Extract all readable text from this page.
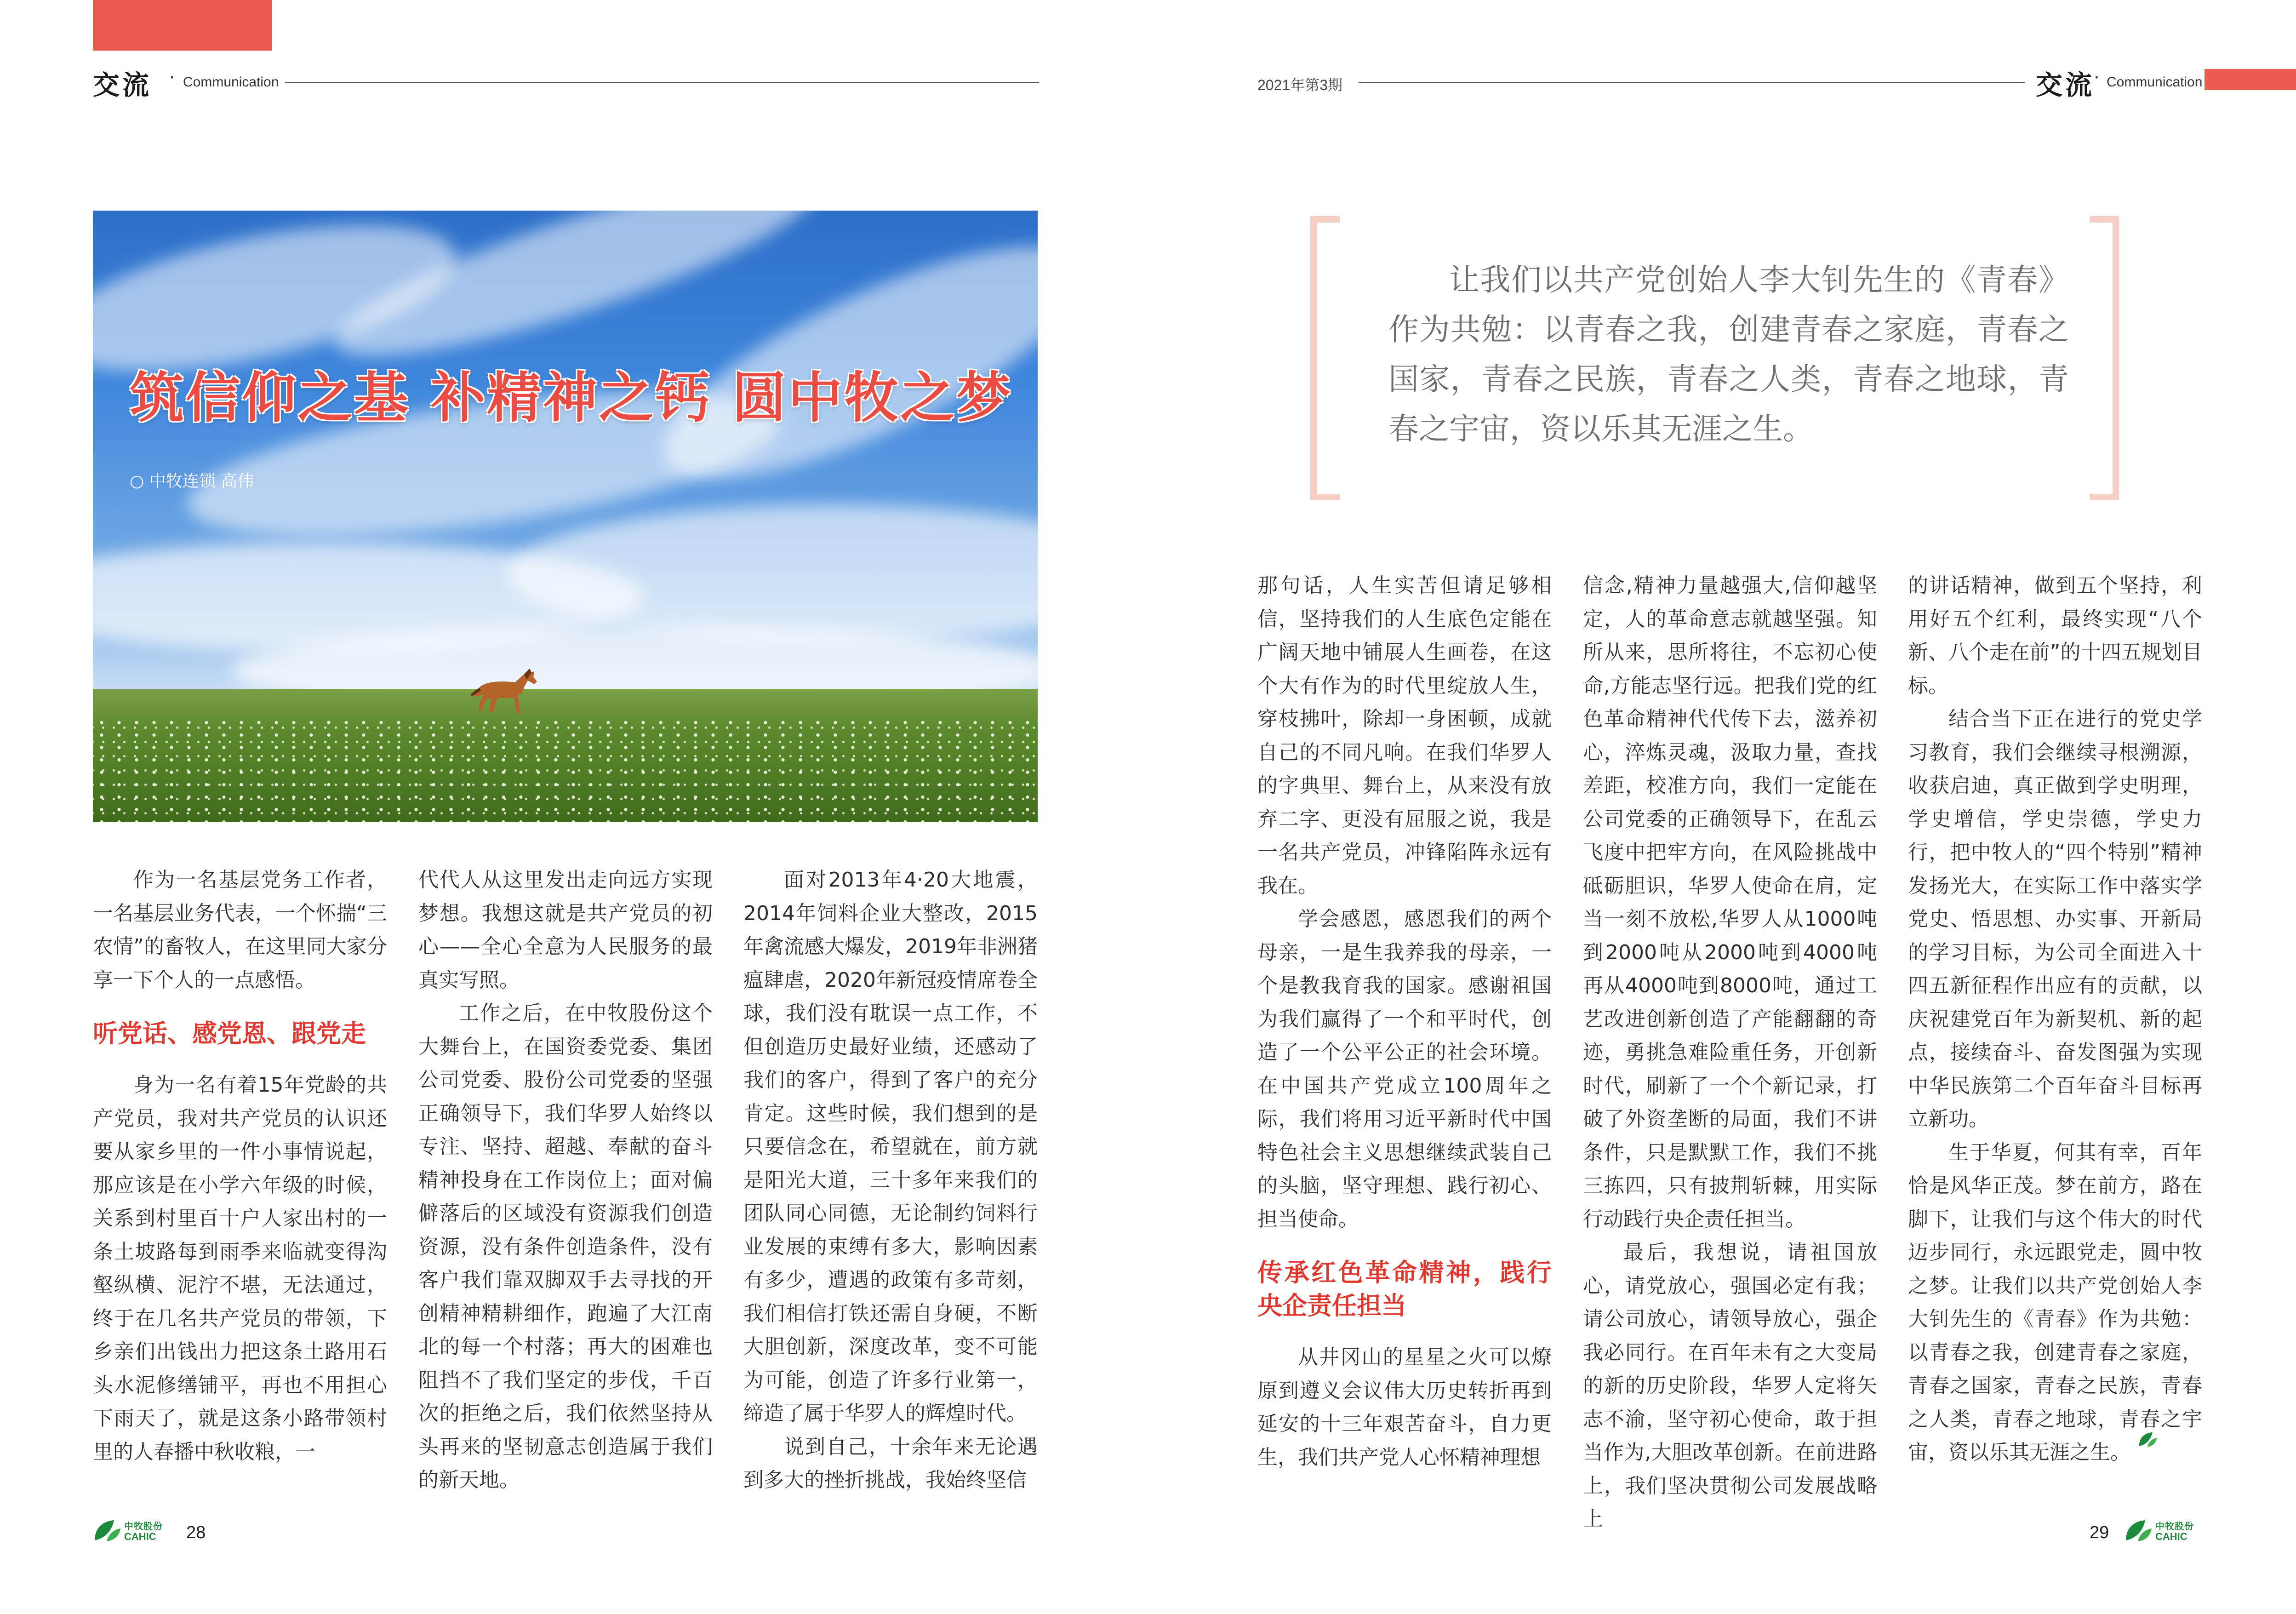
交流 · Communication
筑信仰之基 补精神之钙 圆中牧之梦
○ 中牧连锁 高伟

作为一名基层党务工作者，一名基层业务代表，一个怀揣“三农情”的畜牧人，在这里同大家分享一下个人的一点感悟。

听党话、感党恩、跟党走

身为一名有着15年党龄的共产党员，我对共产党员的认识还要从家乡里的一件小事情说起，那应该是在小学六年级的时候，关系到村里百十户人家出村的一条土坡路每到雨季来临就变得沟壑纵横、泥泞不堪，无法通过，终于在几名共产党员的带领，下乡亲们出钱出力把这条土路用石头水泥修缮铺平，再也不用担心下雨天了，就是这条小路带领村里的人春播中秋收粮，一

代代人从这里发出走向远方实现梦想。我想这就是共产党员的初心——全心全意为人民服务的最真实写照。

工作之后，在中牧股份这个大舞台上，在国资委党委、集团公司党委、股份公司党委的坚强正确领导下，我们华罗人始终以专注、坚持、超越、奉献的奋斗精神投身在工作岗位上；面对偏僻落后的区域没有资源我们创造资源，没有条件创造条件，没有客户我们靠双脚双手去寻找的开创精神精耕细作，跑遍了大江南北的每一个村落；再大的困难也阻挡不了我们坚定的步伐，千百次的拒绝之后，我们依然坚持从头再来的坚韧意志创造属于我们的新天地。

面对2013年4·20大地震，2014年饲料企业大整改，2015年禽流感大爆发，2019年非洲猪瘟肆虐，2020年新冠疫情席卷全球，我们没有耽误一点工作，不但创造历史最好业绩，还感动了我们的客户，得到了客户的充分肯定。这些时候，我们想到的是只要信念在，希望就在，前方就是阳光大道，三十多年来我们的团队同心同德，无论制约饲料行业发展的束缚有多大，影响因素有多少，遭遇的政策有多苛刻，我们相信打铁还需自身硬，不断大胆创新，深度改革，变不可能为可能，创造了许多行业第一，缔造了属于华罗人的辉煌时代。

说到自己，十余年来无论遇到多大的挫折挑战，我始终坚信

中牧股份
CAHIC 28
2021年第3期	交流
· Communication

让我们以共产党创始人李大钊先生的《青春》作为共勉：以青春之我，创建青春之家庭，青春之国家，青春之民族，青春之人类，青春之地球，青春之宇宙，资以乐其无涯之生。

那句话，人生实苦但请足够相信，坚持我们的人生底色定能在广阔天地中铺展人生画卷，在这个大有作为的时代里绽放人生，穿枝拂叶，除却一身困顿，成就自己的不同凡响。在我们华罗人的字典里、舞台上，从来没有放弃二字、更没有屈服之说，我是一名共产党员，冲锋陷阵永远有我在。

学会感恩，感恩我们的两个母亲，一是生我养我的母亲，一个是教我育我的国家。感谢祖国为我们赢得了一个和平时代，创造了一个公平公正的社会环境。在中国共产党成立100周年之际，我们将用习近平新时代中国特色社会主义思想继续武装自己的头脑，坚守理想、践行初心、担当使命。

传承红色革命精神，践行央企责任担当

从井冈山的星星之火可以燎原到遵义会议伟大历史转折再到延安的十三年艰苦奋斗，自力更生，我们共产党人心怀精神理想

信念,精神力量越强大,信仰越坚定，人的革命意志就越坚强。知所从来，思所将往，不忘初心使命,方能志坚行远。把我们党的红色革命精神代代传下去，滋养初心，淬炼灵魂，汲取力量，查找差距，校准方向，我们一定能在公司党委的正确领导下，在乱云飞度中把牢方向，在风险挑战中砥砺胆识，华罗人使命在肩，定当一刻不放松,华罗人从1000吨到2000吨从2000吨到4000吨再从4000吨到8000吨，通过工艺改进创新创造了产能翻翻的奇迹，勇挑急难险重任务，开创新时代，刷新了一个个新记录，打破了外资垄断的局面，我们不讲条件，只是默默工作，我们不挑三拣四，只有披荆斩棘，用实际行动践行央企责任担当。

最后，我想说，请祖国放心，请党放心，强国必定有我；请公司放心，请领导放心，强企我必同行。在百年未有之大变局的新的历史阶段，华罗人定将矢志不渝，坚守初心使命，敢于担当作为,大胆改革创新。在前进路上，我们坚决贯彻公司发展战略上

的讲话精神，做到五个坚持，利用好五个红利，最终实现“八个新、八个走在前”的十四五规划目标。

结合当下正在进行的党史学习教育，我们会继续寻根溯源，收获启迪，真正做到学史明理，学史增信，学史崇德，学史力行，把中牧人的“四个特别”精神发扬光大，在实际工作中落实学党史、悟思想、办实事、开新局的学习目标，为公司全面进入十四五新征程作出应有的贡献，以庆祝建党百年为新契机、新的起点，接续奋斗、奋发图强为实现中华民族第二个百年奋斗目标再立新功。

生于华夏，何其有幸，百年恰是风华正茂。梦在前方，路在脚下，让我们与这个伟大的时代迈步同行，永远跟党走，圆中牧之梦。让我们以共产党创始人李大钊先生的《青春》作为共勉：以青春之我，创建青春之家庭，青春之国家，青春之民族，青春之人类，青春之地球，青春之宇宙，资以乐其无涯之生。

29	中牧股份
CAHIC
